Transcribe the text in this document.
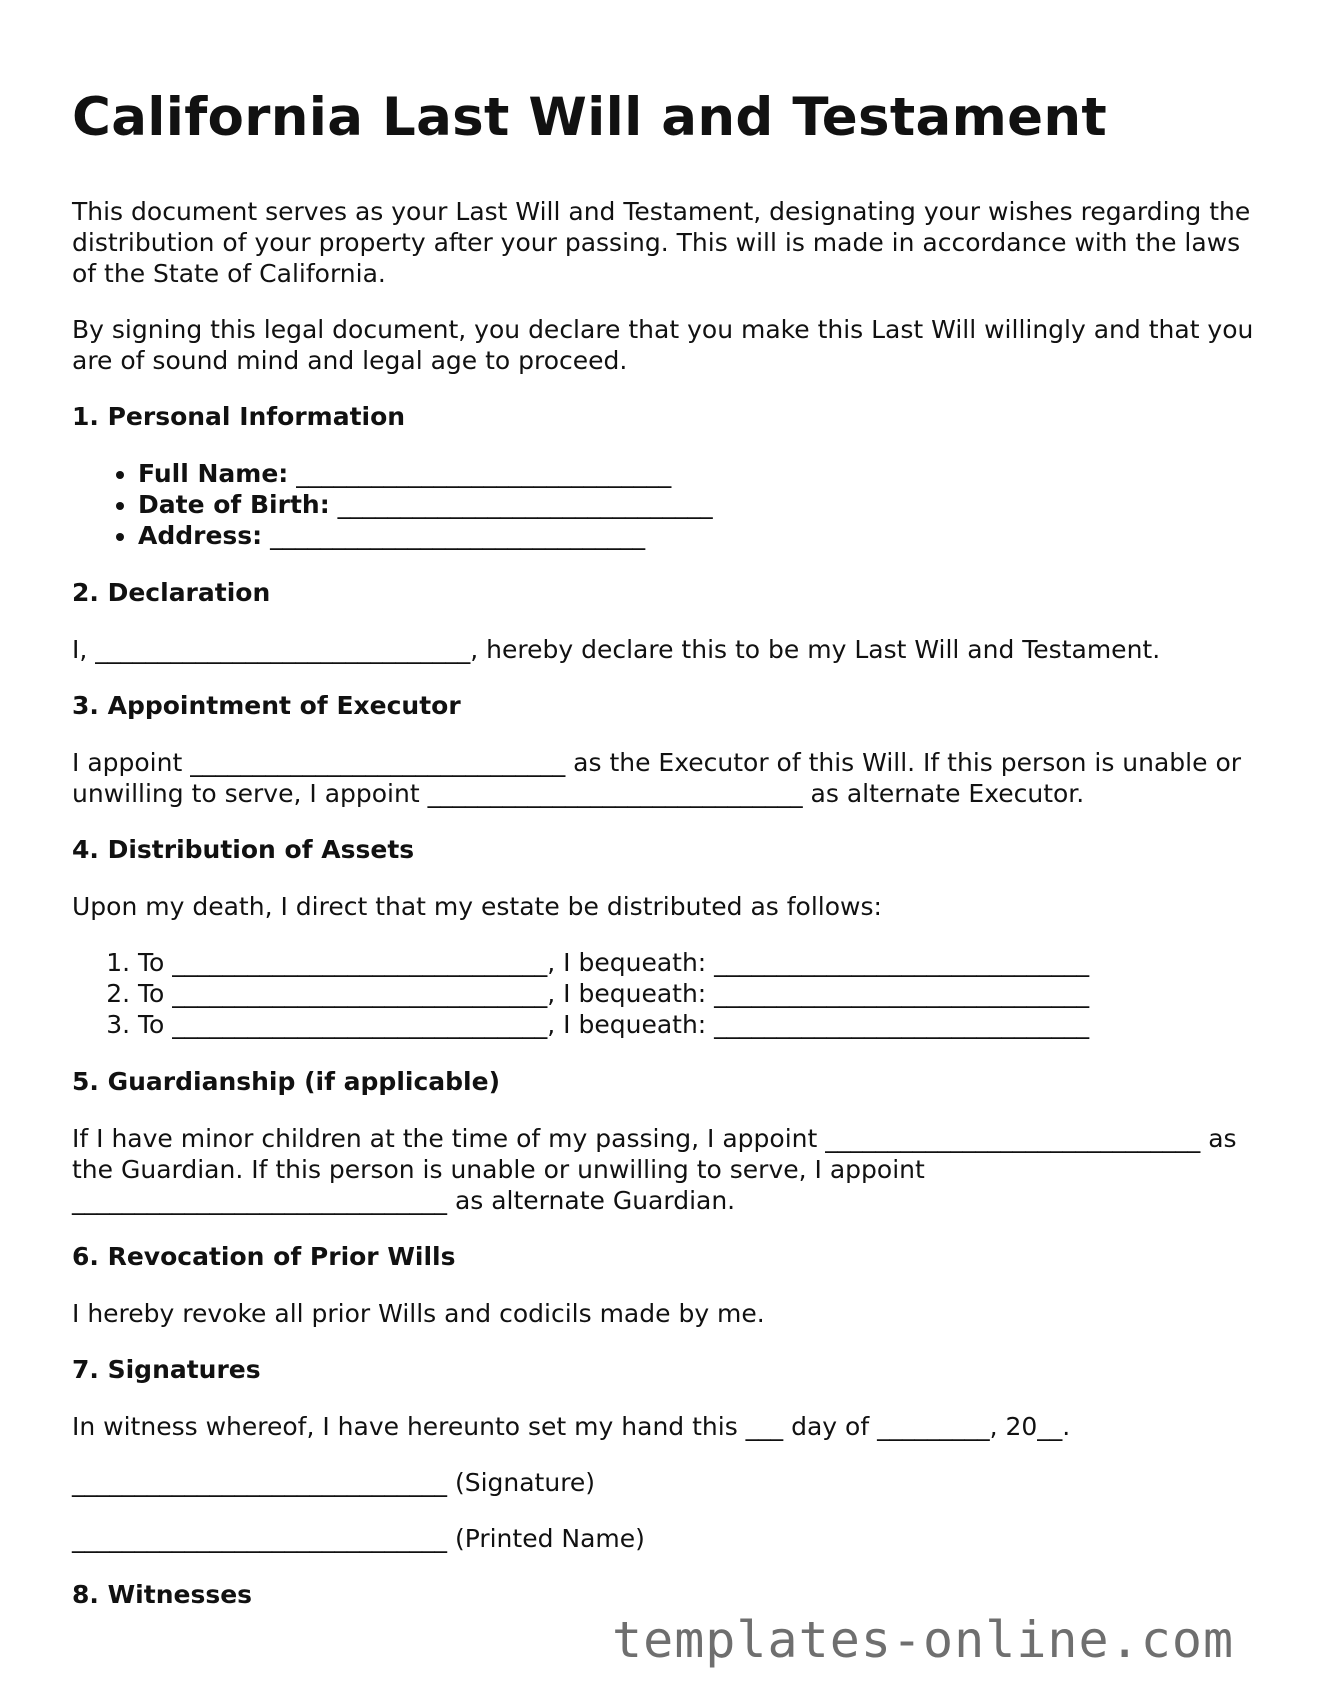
California Last Will and Testament

This document serves as your Last Will and Testament, designating your wishes regarding the distribution of your property after your passing. This will is made in accordance with the laws of the State of California.

By signing this legal document, you declare that you make this Last Will willingly and that you are of sound mind and legal age to proceed.

1. Personal Information
• Full Name: ______________________________
• Date of Birth: ______________________________
• Address: ______________________________
2. Declaration

I, ______________________________, hereby declare this to be my Last Will and Testament.

3. Appointment of Executor

I appoint ______________________________ as the Executor of this Will. If this person is unable or unwilling to serve, I appoint ______________________________ as alternate Executor.

4. Distribution of Assets

Upon my death, I direct that my estate be distributed as follows:

1. To ______________________________, I bequeath: ______________________________
2. To ______________________________, I bequeath: ______________________________
3. To ______________________________, I bequeath: ______________________________
5. Guardianship (if applicable)

If I have minor children at the time of my passing, I appoint ______________________________ as the Guardian. If this person is unable or unwilling to serve, I appoint ______________________________ as alternate Guardian.

6. Revocation of Prior Wills

I hereby revoke all prior Wills and codicils made by me.

7. Signatures

In witness whereof, I have hereunto set my hand this ___ day of _________, 20__.

______________________________ (Signature)

______________________________ (Printed Name)

8. Witnesses
templates-online.com
